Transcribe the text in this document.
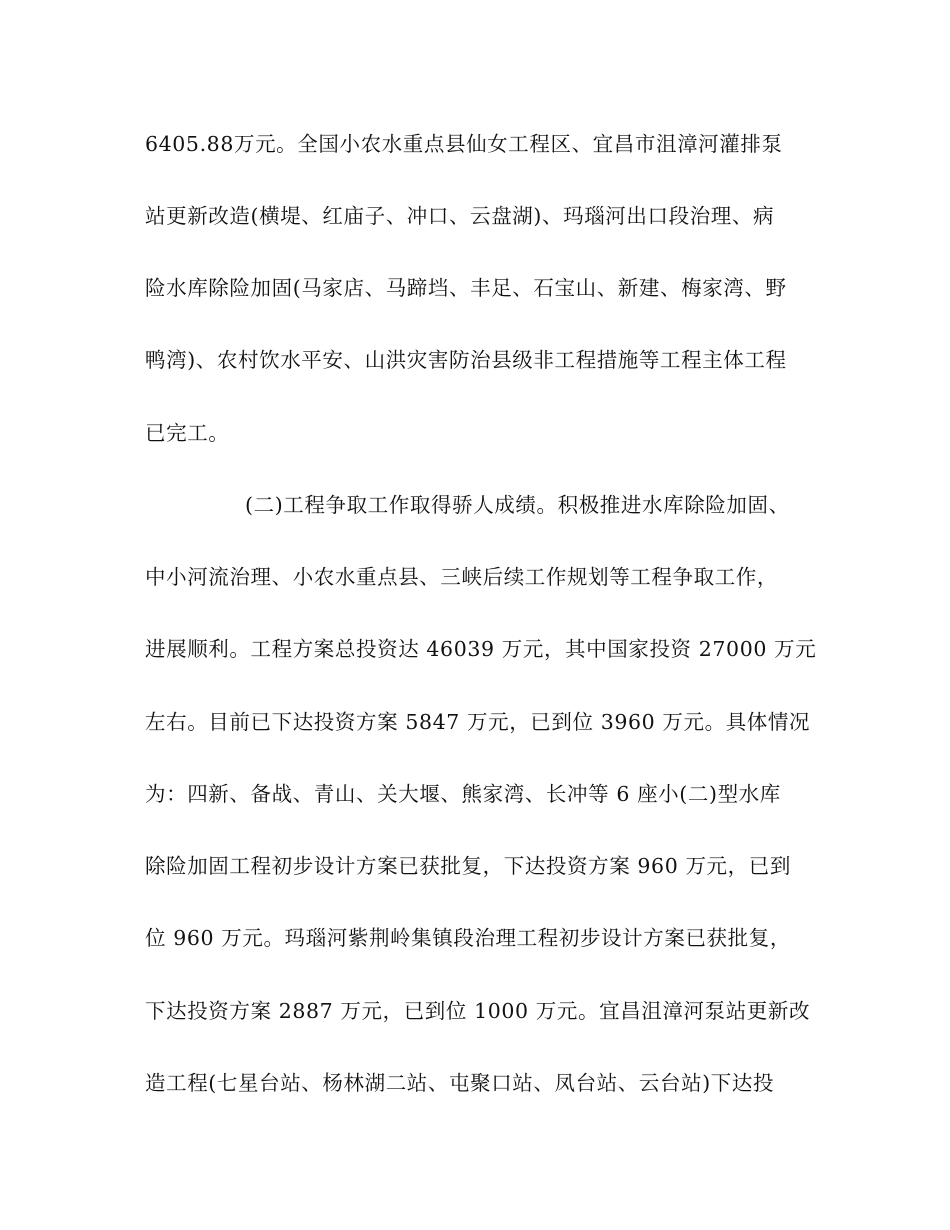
6405.88万元。全国小农水重点县仙女工程区、宜昌市沮漳河灌排泵
站更新改造(横堤、红庙子、冲口、云盘湖)、玛瑙河出口段治理、病
险水库除险加固(马家店、马蹄垱、丰足、石宝山、新建、梅家湾、野
鸭湾)、农村饮水平安、山洪灾害防治县级非工程措施等工程主体工程
已完工。
(二)工程争取工作取得骄人成绩。积极推进水库除险加固、
中小河流治理、小农水重点县、三峡后续工作规划等工程争取工作，
进展顺利。工程方案总投资达 46039 万元，其中国家投资 27000 万元
左右。目前已下达投资方案 5847 万元，已到位 3960 万元。具体情况
为：四新、备战、青山、关大堰、熊家湾、长冲等 6 座小(二)型水库
除险加固工程初步设计方案已获批复，下达投资方案 960 万元，已到
位 960 万元。玛瑙河紫荆岭集镇段治理工程初步设计方案已获批复，
下达投资方案 2887 万元，已到位 1000 万元。宜昌沮漳河泵站更新改
造工程(七星台站、杨林湖二站、屯聚口站、凤台站、云台站)下达投
